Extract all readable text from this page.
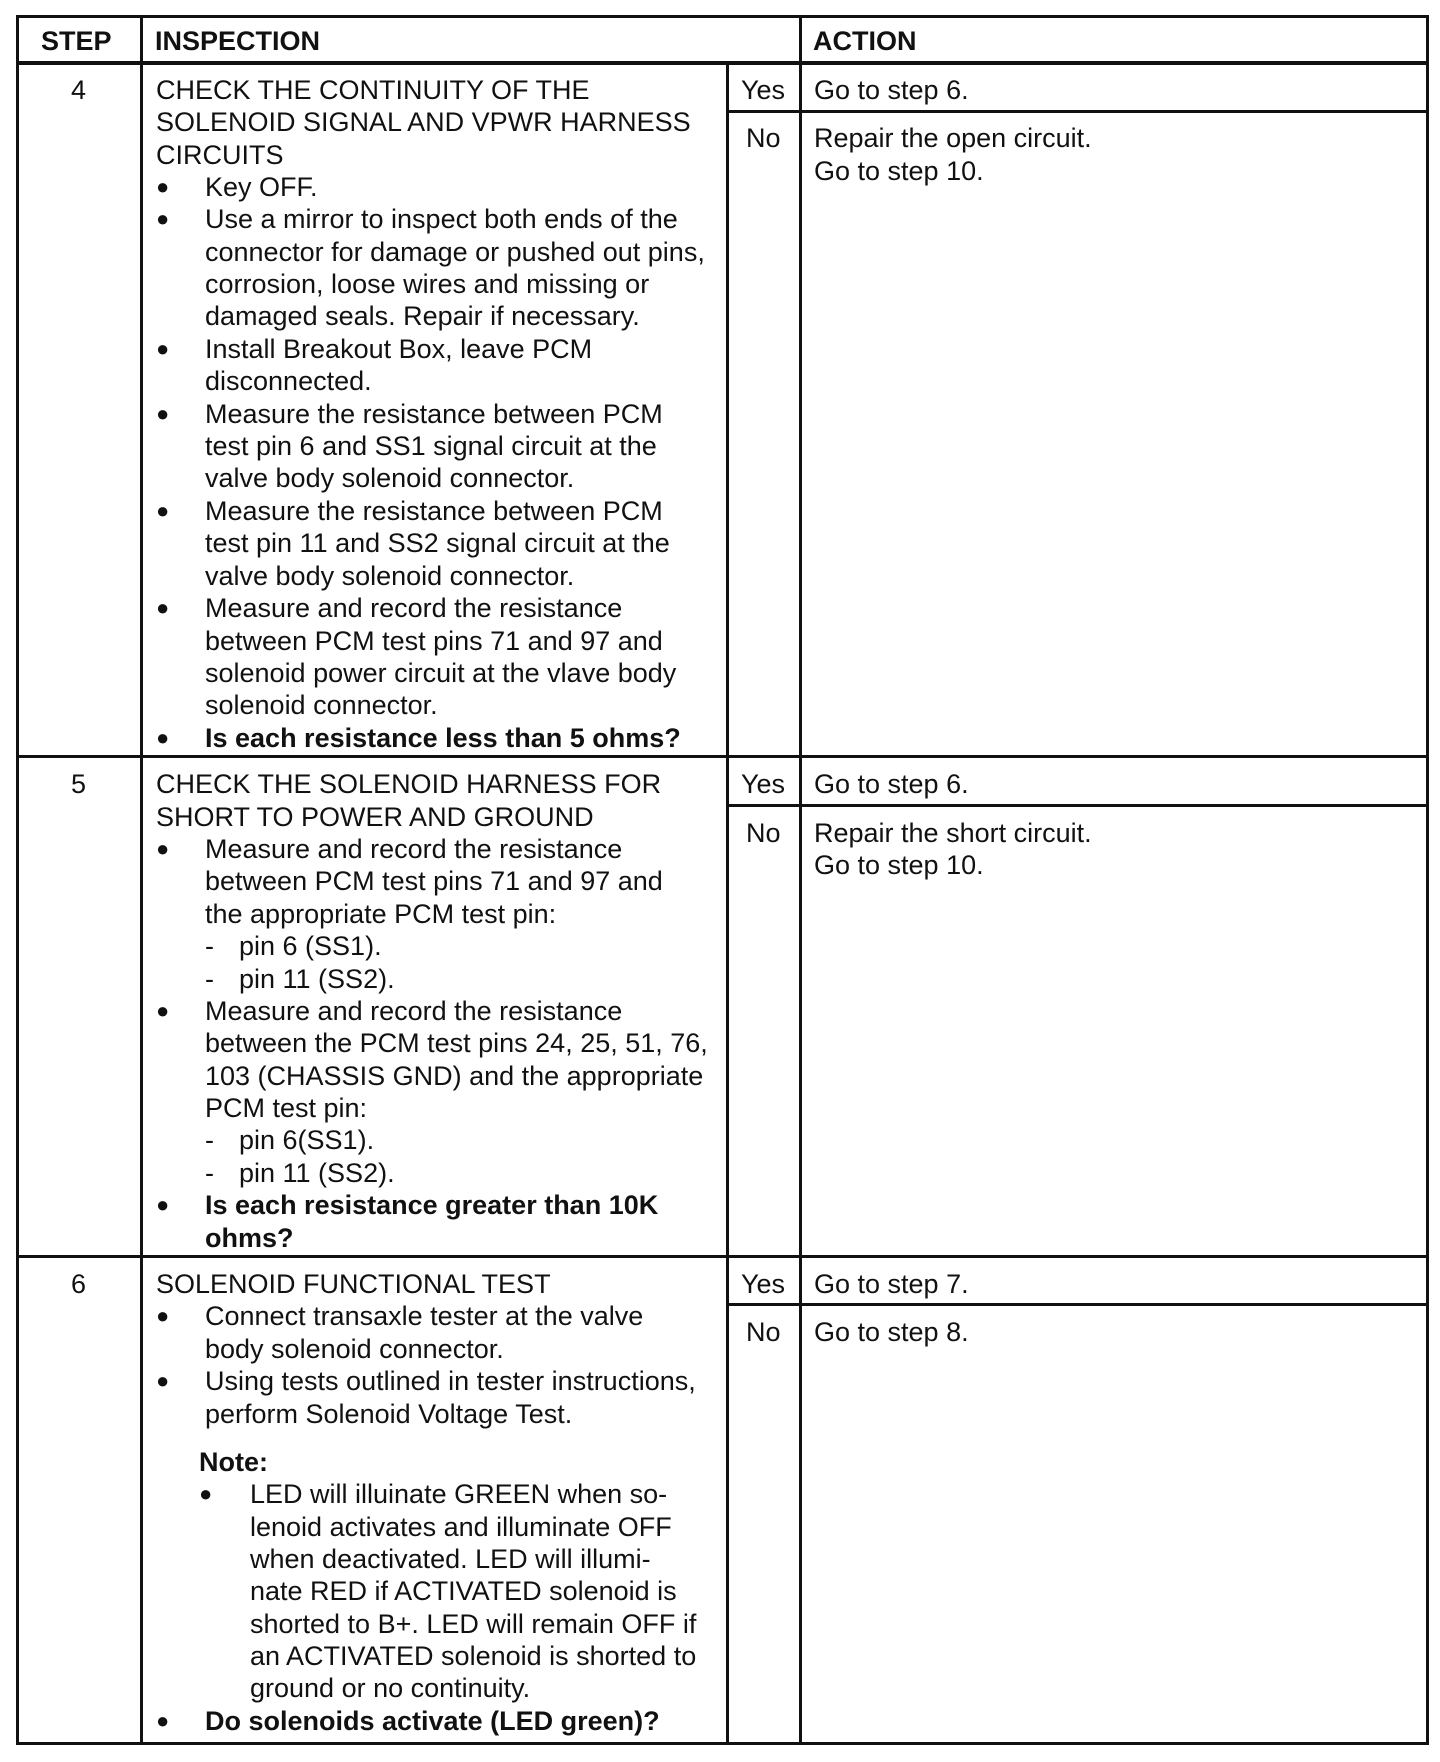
STEP INSPECTION	ACTION
4	CHECK THE CONTINUITY OF THE
SOLENOID SIGNAL AND VPWR HARNESS
CIRCUITS
● Key OFF.
● Use a mirror to inspect both ends of the
connector for damage or pushed out pins,
corrosion, loose wires and missing or
damaged seals. Repair if necessary.
● Install Breakout Box, leave PCM
disconnected.
● Measure the resistance between PCM
test pin 6 and SS1 signal circuit at the
valve body solenoid connector.
● Measure the resistance between PCM
test pin 11 and SS2 signal circuit at the
valve body solenoid connector.
● Measure and record the resistance
between PCM test pins 71 and 97 and
solenoid power circuit at the vlave body
solenoid connector.
● Is each resistance less than 5 ohms?
Yes Go to step 6.
No Repair the open circuit.
Go to step 10.
5	CHECK THE SOLENOID HARNESS FOR
SHORT TO POWER AND GROUND
● Measure and record the resistance
between PCM test pins 71 and 97 and
the appropriate PCM test pin:
- pin 6 (SS1).
- pin 11 (SS2).
● Measure and record the resistance
between the PCM test pins 24, 25, 51, 76,
103 (CHASSIS GND) and the appropriate
PCM test pin:
- pin 6(SS1).
- pin 11 (SS2).
● Is each resistance greater than 10K
ohms?
Yes Go to step 6.
No Repair the short circuit.
Go to step 10.
6	SOLENOID FUNCTIONAL TEST
● Connect transaxle tester at the valve
body solenoid connector.
● Using tests outlined in tester instructions,
perform Solenoid Voltage Test.
Note:
● LED will illuinate GREEN when so-
lenoid activates and illuminate OFF
when deactivated. LED will illumi-
nate RED if ACTIVATED solenoid is
shorted to B+. LED will remain OFF if
an ACTIVATED solenoid is shorted to
ground or no continuity.
● Do solenoids activate (LED green)?
Yes Go to step 7.
No Go to step 8.
